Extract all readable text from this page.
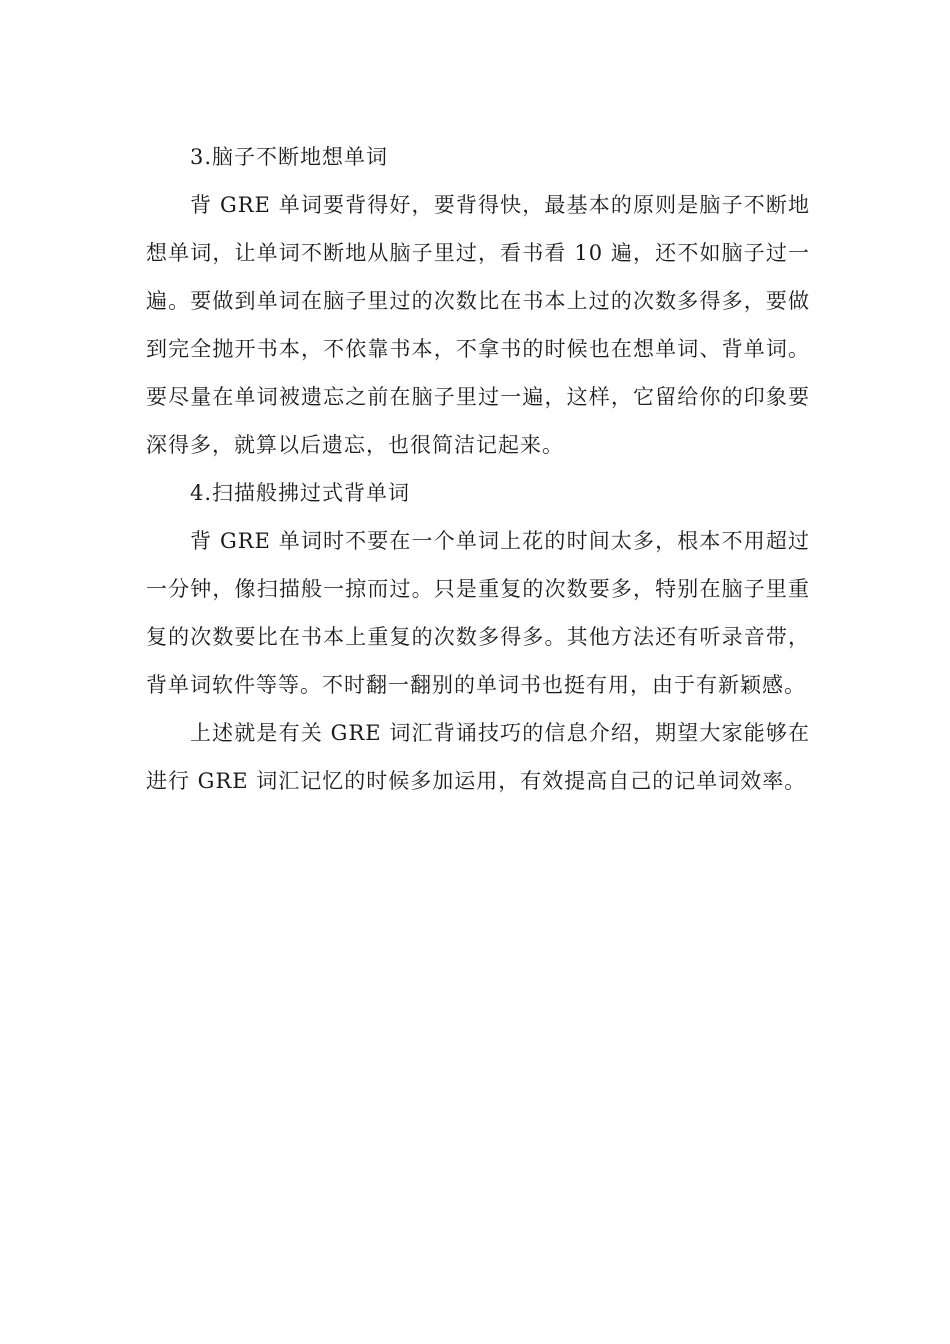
3.脑子不断地想单词

背 GRE 单词要背得好，要背得快，最基本的原则是脑子不断地想单词，让单词不断地从脑子里过，看书看 10 遍，还不如脑子过一遍。要做到单词在脑子里过的次数比在书本上过的次数多得多，要做到完全抛开书本，不依靠书本，不拿书的时候也在想单词、背单词。要尽量在单词被遗忘之前在脑子里过一遍，这样，它留给你的印象要深得多，就算以后遗忘，也很简洁记起来。

4.扫描般拂过式背单词

背 GRE 单词时不要在一个单词上花的时间太多，根本不用超过一分钟，像扫描般一掠而过。只是重复的次数要多，特别在脑子里重复的次数要比在书本上重复的次数多得多。其他方法还有听录音带，背单词软件等等。不时翻一翻别的单词书也挺有用，由于有新颖感。

上述就是有关 GRE 词汇背诵技巧的信息介绍，期望大家能够在进行 GRE 词汇记忆的时候多加运用，有效提高自己的记单词效率。
